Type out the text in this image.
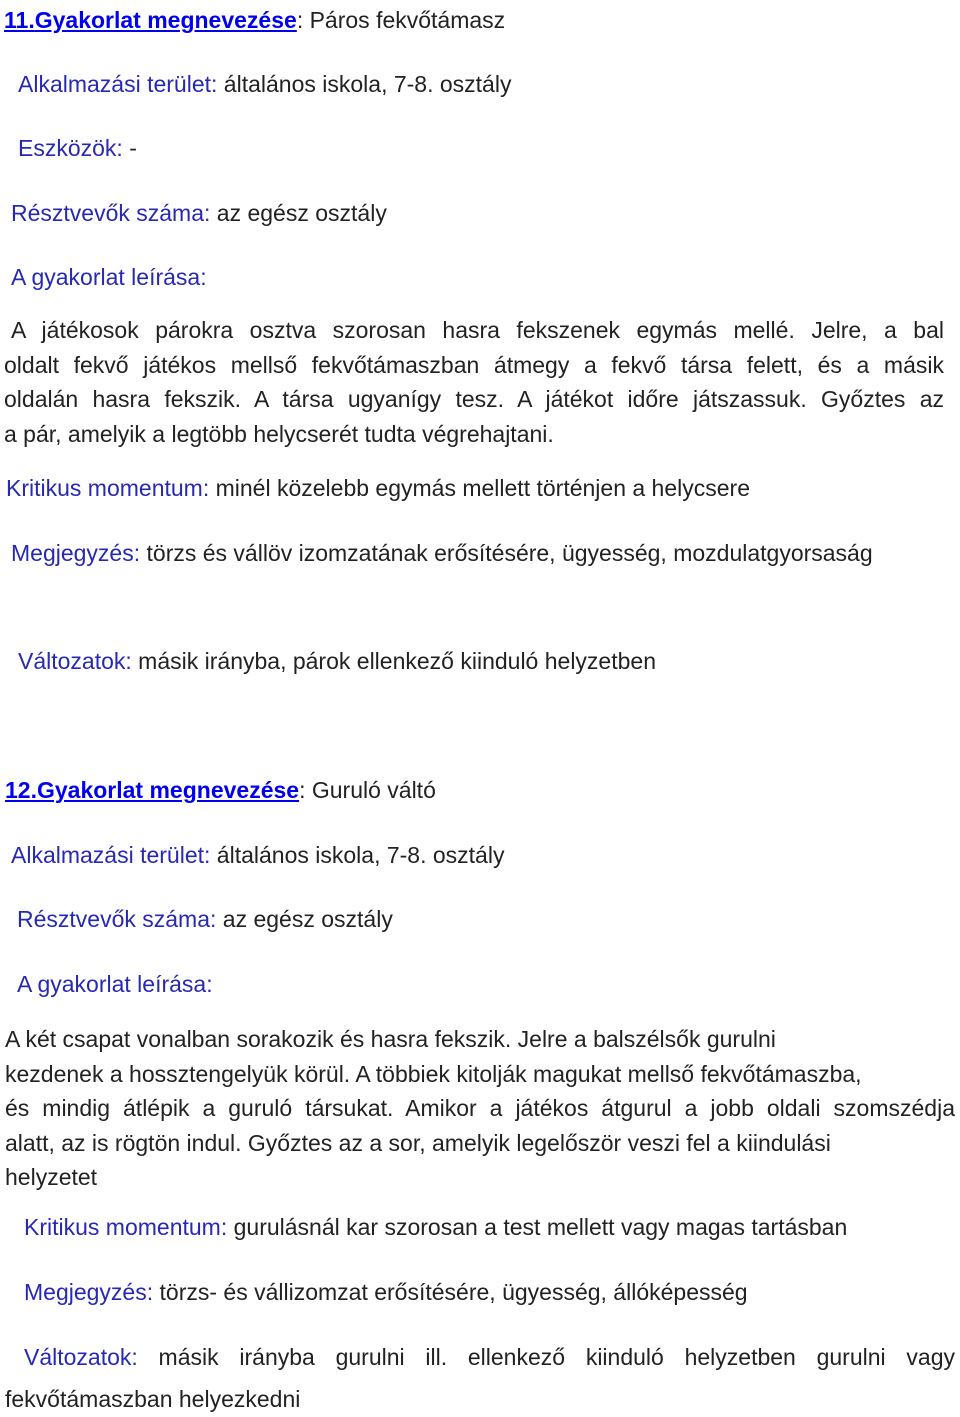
11.Gyakorlat megnevezése: Páros fekvőtámasz
Alkalmazási terület: általános iskola, 7-8. osztály
Eszközök: -
Résztvevők száma: az egész osztály
A gyakorlat leírása:
A játékosok párokra osztva szorosan hasra fekszenek egymás mellé. Jelre, a bal
oldalt fekvő játékos mellső fekvőtámaszban átmegy a fekvő társa felett, és a másik
oldalán hasra fekszik. A társa ugyanígy tesz. A játékot időre játszassuk. Győztes az
a pár, amelyik a legtöbb helycserét tudta végrehajtani.
Kritikus momentum: minél közelebb egymás mellett történjen a helycsere
Megjegyzés: törzs és vállöv izomzatának erősítésére, ügyesség, mozdulatgyorsaság
Változatok: másik irányba, párok ellenkező kiinduló helyzetben
12.Gyakorlat megnevezése: Guruló váltó
Alkalmazási terület: általános iskola, 7-8. osztály
Résztvevők száma: az egész osztály
A gyakorlat leírása:
A két csapat vonalban sorakozik és hasra fekszik. Jelre a balszélsők gurulni
kezdenek a hossztengelyük körül. A többiek kitolják magukat mellső fekvőtámaszba,
és mindig átlépik a guruló társukat. Amikor a játékos átgurul a jobb oldali szomszédja
alatt, az is rögtön indul. Győztes az a sor, amelyik legelőször veszi fel a kiindulási
helyzetet
Kritikus momentum: gurulásnál kar szorosan a test mellett vagy magas tartásban
Megjegyzés: törzs- és vállizomzat erősítésére, ügyesség, állóképesség
Változatok: másik irányba gurulni ill. ellenkező kiinduló helyzetben gurulni vagy
fekvőtámaszban helyezkedni
